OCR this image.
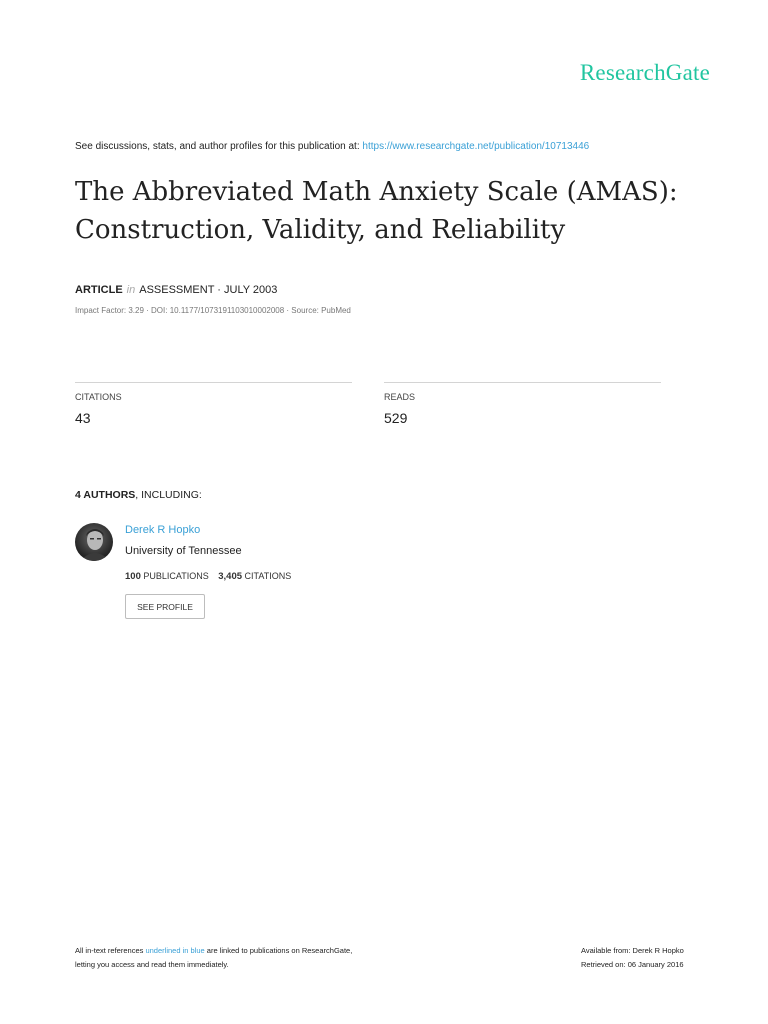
ResearchGate
See discussions, stats, and author profiles for this publication at: https://www.researchgate.net/publication/10713446
The Abbreviated Math Anxiety Scale (AMAS):
Construction, Validity, and Reliability
ARTICLE in ASSESSMENT · JULY 2003
Impact Factor: 3.29 · DOI: 10.1177/1073191103010002008 · Source: PubMed
CITATIONS
43
READS
529
4 AUTHORS, INCLUDING:
Derek R Hopko
University of Tennessee
100 PUBLICATIONS 3,405 CITATIONS
SEE PROFILE
All in-text references underlined in blue are linked to publications on ResearchGate,
letting you access and read them immediately.
Available from: Derek R Hopko
Retrieved on: 06 January 2016
